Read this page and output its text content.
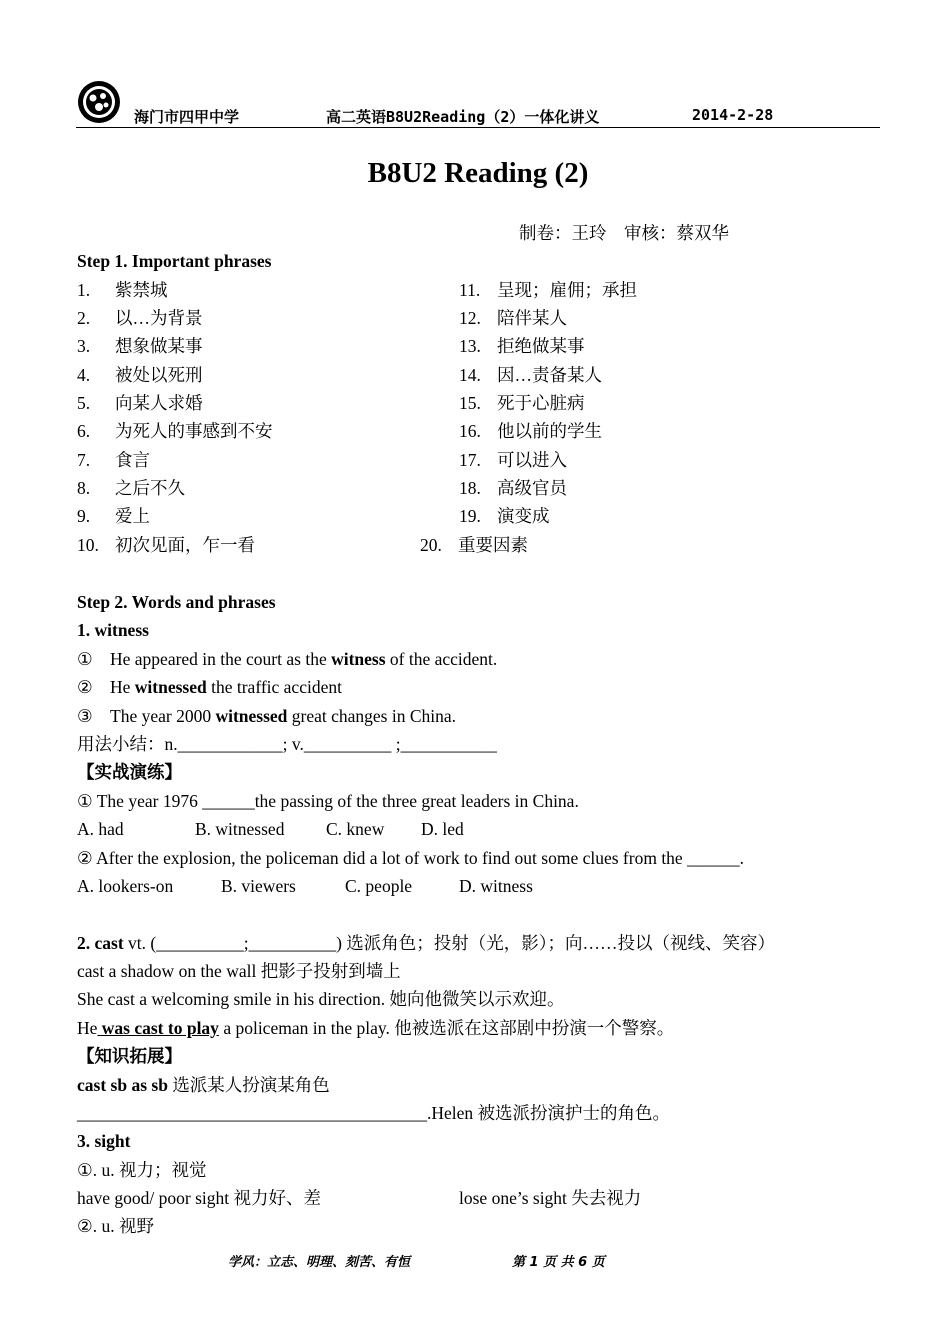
海门市四甲中学	高二英语B8U2Reading（2）一体化讲义	2014-2-28
B8U2 Reading (2)
制卷：王玲　审核：蔡双华
Step 1. Important phrases
1. 紫禁城
2. 以…为背景
3. 想象做某事
4. 被处以死刑
5. 向某人求婚
6. 为死人的事感到不安
7. 食言
8. 之后不久
9. 爱上
10. 初次见面，乍一看
11. 呈现；雇佣；承担
12. 陪伴某人
13. 拒绝做某事
14. 因…责备某人
15. 死于心脏病
16. 他以前的学生
17. 可以进入
18. 高级官员
19. 演变成
20. 重要因素
Step 2. Words and phrases
1. witness
① He appeared in the court as the witness of the accident.
② He witnessed the traffic accident
③ The year 2000 witnessed great changes in China.
用法小结：n.____________; v.__________ ;___________
【实战演练】
① The year 1976 ______the passing of the three great leaders in China.
A. had	B. witnessed C. knew D. led
② After the explosion, the policeman did a lot of work to find out some clues from the ______.
A. lookers-on	B. viewers	C. people	D. witness
2. cast vt. (__________;__________) 选派角色；投射（光，影）；向……投以（视线、笑容）
cast a shadow on the wall 把影子投射到墙上
She cast a welcoming smile in his direction. 她向他微笑以示欢迎。
He was cast to play a policeman in the play. 他被选派在这部剧中扮演一个警察。
【知识拓展】
cast sb as sb 选派某人扮演某角色
________________________________________.Helen 被选派扮演护士的角色。
3. sight
①. u. 视力；视觉
have good/ poor sight 视力好、差	lose one’s sight 失去视力
②. u. 视野
学风：立志、明理、刻苦、有恒	第 1 页 共 6 页
